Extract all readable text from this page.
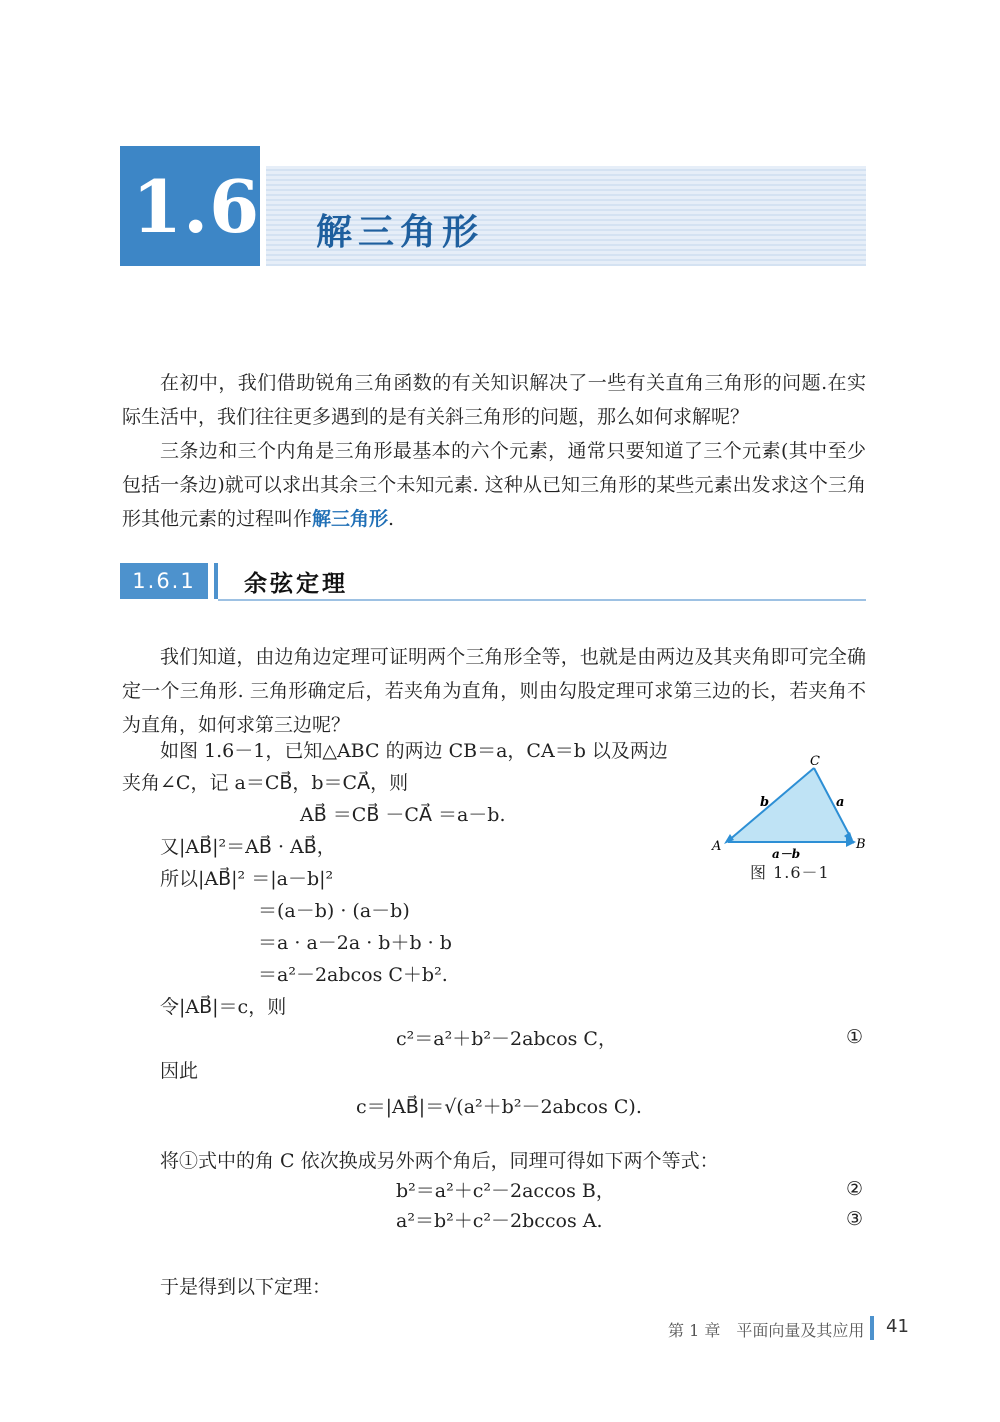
1.6 解三角形
在初中，我们借助锐角三角函数的有关知识解决了一些有关直角三角形的问题.在实际生活中，我们往往更多遇到的是有关斜三角形的问题，那么如何求解呢？
三条边和三个内角是三角形最基本的六个元素，通常只要知道了三个元素(其中至少包括一条边)就可以求出其余三个未知元素. 这种从已知三角形的某些元素出发求这个三角形其他元素的过程叫作解三角形.
1.6.1	余弦定理
我们知道，由边角边定理可证明两个三角形全等，也就是由两边及其夹角即可完全确定一个三角形. 三角形确定后，若夹角为直角，则由勾股定理可求第三边的长，若夹角不为直角，如何求第三边呢？
如图 1.6－1，已知△ABC 的两边 CB＝a，CA＝b 以及两边
夹角∠C，记 a＝CB⃗，b＝CA⃗，则
AB⃗ ＝CB⃗ －CA⃗ ＝a－b.
又|AB⃗|²＝AB⃗ · AB⃗，
所以|AB⃗|² ＝|a－b|²
＝(a－b) · (a－b)
＝a · a－2a · b＋b · b
＝a²－2abcos C＋b².
令|AB⃗|＝c，则
c²＝a²＋b²－2abcos C，	①
因此
c＝|AB⃗|＝√(a²＋b²－2abcos C).
将①式中的角 C 依次换成另外两个角后，同理可得如下两个等式：
b²＝a²＋c²－2accos B，	②
a²＝b²＋c²－2bccos A.	③
于是得到以下定理：
C
A	B
b	a
a－b
图 1.6－1
第 1 章　平面向量及其应用 41
